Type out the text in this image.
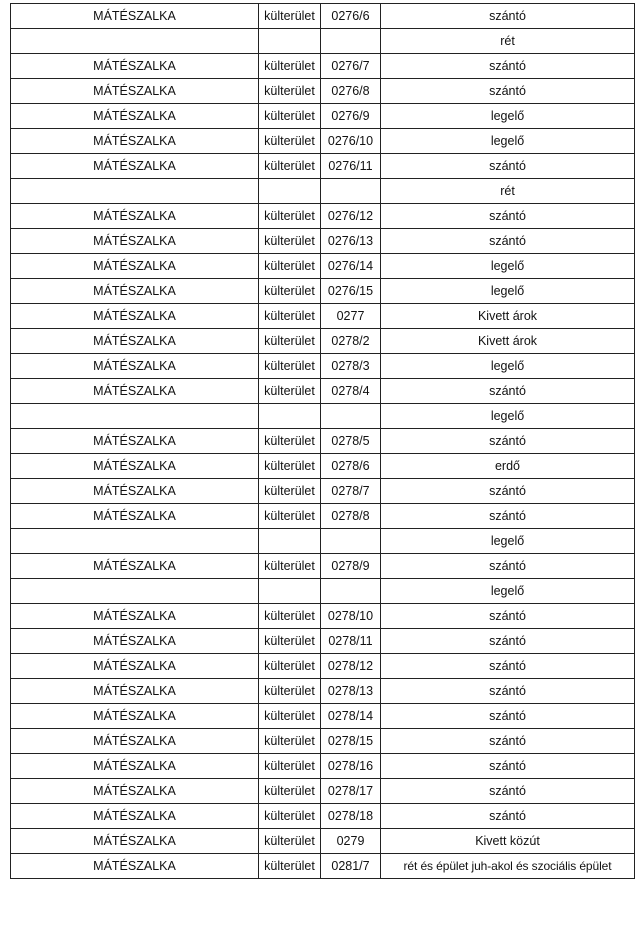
MÁTÉSZALKA	külterület	0276/6	szántó
			rét
MÁTÉSZALKA	külterület	0276/7	szántó
MÁTÉSZALKA	külterület	0276/8	szántó
MÁTÉSZALKA	külterület	0276/9	legelő
MÁTÉSZALKA	külterület	0276/10	legelő
MÁTÉSZALKA	külterület	0276/11	szántó
			rét
MÁTÉSZALKA	külterület	0276/12	szántó
MÁTÉSZALKA	külterület	0276/13	szántó
MÁTÉSZALKA	külterület	0276/14	legelő
MÁTÉSZALKA	külterület	0276/15	legelő
MÁTÉSZALKA	külterület	0277	Kivett árok
MÁTÉSZALKA	külterület	0278/2	Kivett árok
MÁTÉSZALKA	külterület	0278/3	legelő
MÁTÉSZALKA	külterület	0278/4	szántó
			legelő
MÁTÉSZALKA	külterület	0278/5	szántó
MÁTÉSZALKA	külterület	0278/6	erdő
MÁTÉSZALKA	külterület	0278/7	szántó
MÁTÉSZALKA	külterület	0278/8	szántó
			legelő
MÁTÉSZALKA	külterület	0278/9	szántó
			legelő
MÁTÉSZALKA	külterület	0278/10	szántó
MÁTÉSZALKA	külterület	0278/11	szántó
MÁTÉSZALKA	külterület	0278/12	szántó
MÁTÉSZALKA	külterület	0278/13	szántó
MÁTÉSZALKA	külterület	0278/14	szántó
MÁTÉSZALKA	külterület	0278/15	szántó
MÁTÉSZALKA	külterület	0278/16	szántó
MÁTÉSZALKA	külterület	0278/17	szántó
MÁTÉSZALKA	külterület	0278/18	szántó
MÁTÉSZALKA	külterület	0279	Kivett közút
MÁTÉSZALKA	külterület	0281/7	rét és épület juh-akol és szociális épület
